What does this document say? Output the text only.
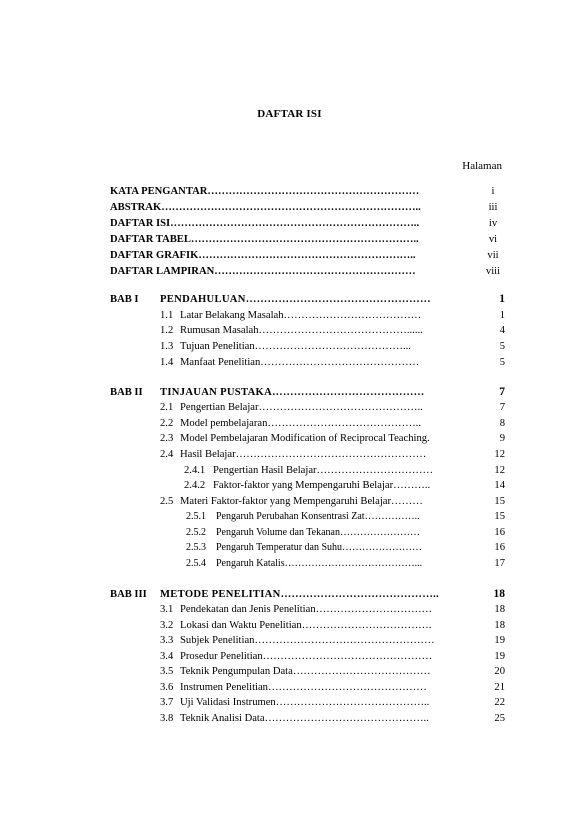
DAFTAR ISI
Halaman
KATA PENGANTAR……………………………………………………	i
ABSTRAK………………………………………………………………..	iii
DAFTAR ISI……………………………………………………………..	iv
DAFTAR TABEL………………………………………………………..	vi
DAFTAR GRAFIK……………………………………………………..	vii
DAFTAR LAMPIRAN…………………………………………………	viii
BAB I PENDAHULUAN……………………………………………	1
1.1 Latar Belakang Masalah…………………………………	1
1.2 Rumusan Masalah……………………………………......	4
1.3 Tujuan Penelitian……………………………………...	5
1.4 Manfaat Penelitian………………………………………	5
BAB II TINJAUAN PUSTAKA……………………………………	7
2.1 Pengertian Belajar………………………………………..	7
2.2 Model pembelajaran……………………………………..	8
2.3 Model Pembelajaran Modification of Reciprocal Teaching.	9
2.4 Hasil Belajar………………………………………………	12
2.4.1 Pengertian Hasil Belajar……………………………	12
2.4.2 Faktor-faktor yang Mempengaruhi Belajar………..	14
2.5 Materi Faktor-faktor yang Mempengaruhi Belajar………	15
2.5.1 Pengaruh Perubahan Konsentrasi Zat……………..	15
2.5.2 Pengaruh Volume dan Tekanan……………………	16
2.5.3 Pengaruh Temperatur dan Suhu……………………	16
2.5.4 Pengaruh Katalis…………………………………...	17
BAB III METODE PENELITIAN……………………………………..	18
3.1 Pendekatan dan Jenis Penelitian……………………………	18
3.2 Lokasi dan Waktu Penelitian……………………………….	18
3.3 Subjek Penelitian……………………………………………	19
3.4 Prosedur Penelitian…………………………………………	19
3.5 Teknik Pengumpulan Data…………………………………	20
3.6 Instrumen Penelitian………………………………………	21
3.7 Uji Validasi Instrumen……………………………………..	22
3.8 Teknik Analisi Data………………………………………..	25
